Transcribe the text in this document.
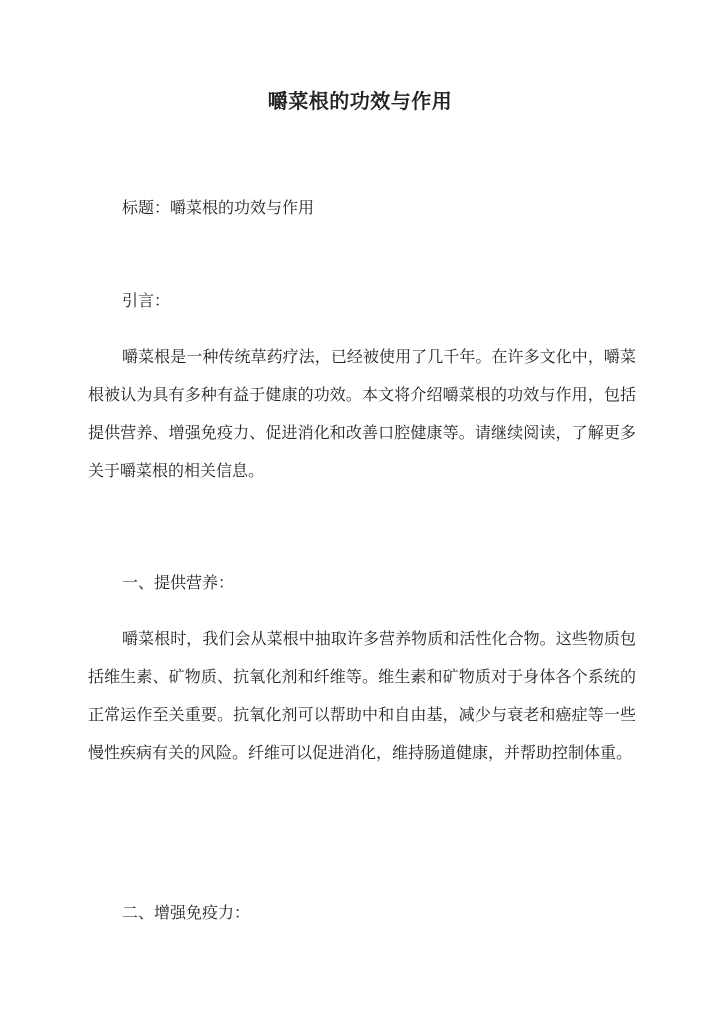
嚼菜根的功效与作用
标题：嚼菜根的功效与作用
引言：
嚼菜根是一种传统草药疗法，已经被使用了几千年。在许多文化中，嚼菜根被认为具有多种有益于健康的功效。本文将介绍嚼菜根的功效与作用，包括提供营养、增强免疫力、促进消化和改善口腔健康等。请继续阅读，了解更多关于嚼菜根的相关信息。
一、提供营养：
嚼菜根时，我们会从菜根中抽取许多营养物质和活性化合物。这些物质包括维生素、矿物质、抗氧化剂和纤维等。维生素和矿物质对于身体各个系统的正常运作至关重要。抗氧化剂可以帮助中和自由基，减少与衰老和癌症等一些慢性疾病有关的风险。纤维可以促进消化，维持肠道健康，并帮助控制体重。
二、增强免疫力：
